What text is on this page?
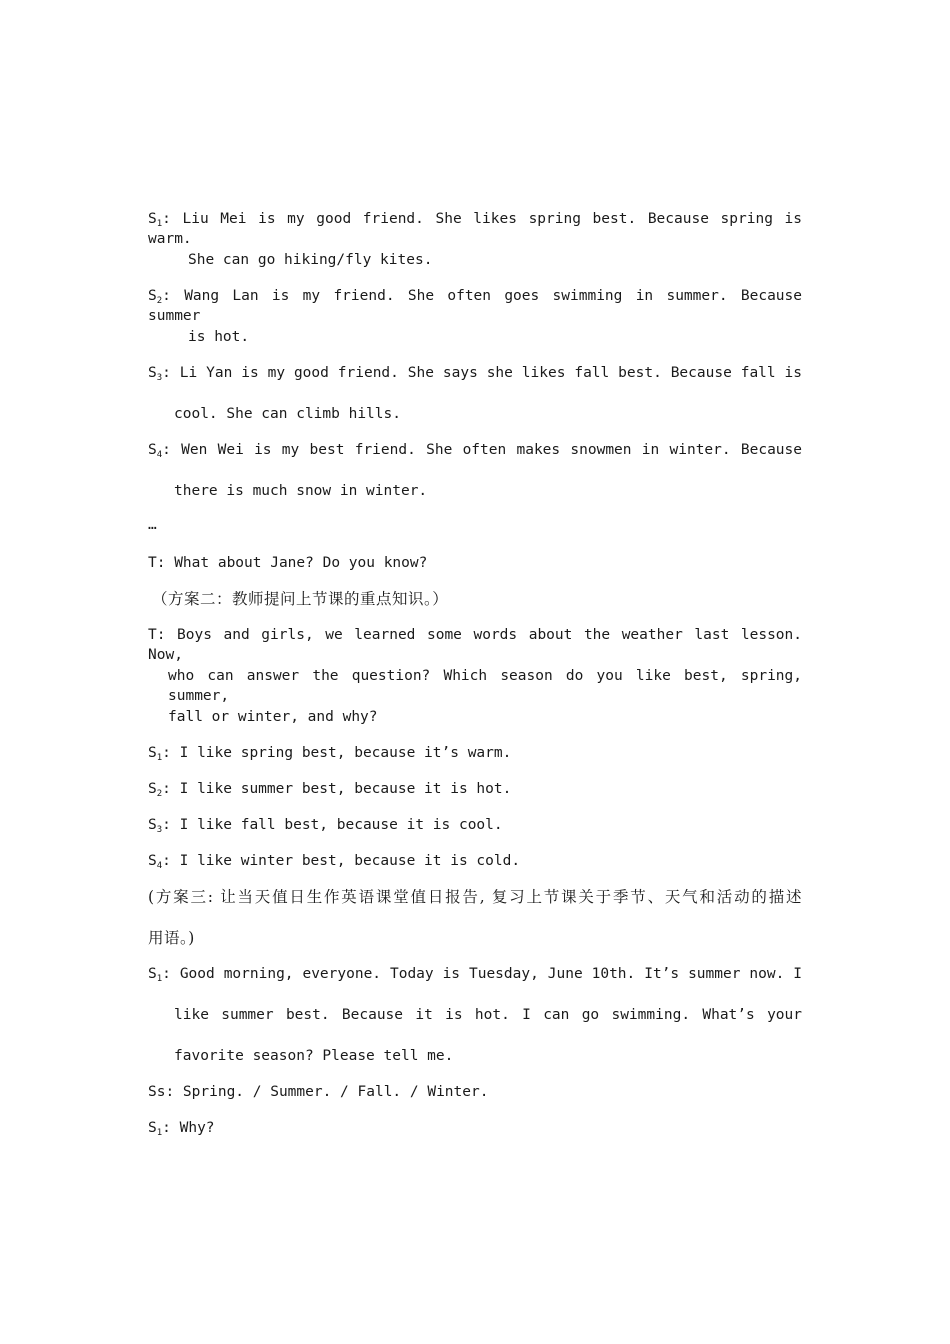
$S_1$: Liu Mei is my good friend. She likes spring best. Because spring is warm.
She can go hiking/fly kites.
$S_2$: Wang Lan is my friend. She often goes swimming in summer. Because summer
is hot.
$S_3$: Li Yan is my good friend. She says she likes fall best. Because fall is
cool. She can climb hills.
$S_4$: Wen Wei is my best friend. She often makes snowmen in winter. Because
there is much snow in winter.
…
T: What about Jane? Do you know?
（方案二：教师提问上节课的重点知识。）
T: Boys and girls, we learned some words about the weather last lesson. Now,
who can answer the question? Which season do you like best, spring, summer,
fall or winter, and why?
$S_1$: I like spring best, because it’s warm.
$S_2$: I like summer best, because it is hot.
$S_3$: I like fall best, because it is cool.
$S_4$: I like winter best, because it is cold.
(方案三: 让当天值日生作英语课堂值日报告, 复习上节课关于季节、天气和活动的描述
用语。)
$S_1$: Good morning, everyone. Today is Tuesday, June 10th. It’s summer now. I
like summer best. Because it is hot. I can go swimming. What’s your
favorite season? Please tell me.
Ss: Spring. / Summer. / Fall. / Winter.
$S_1$: Why?
